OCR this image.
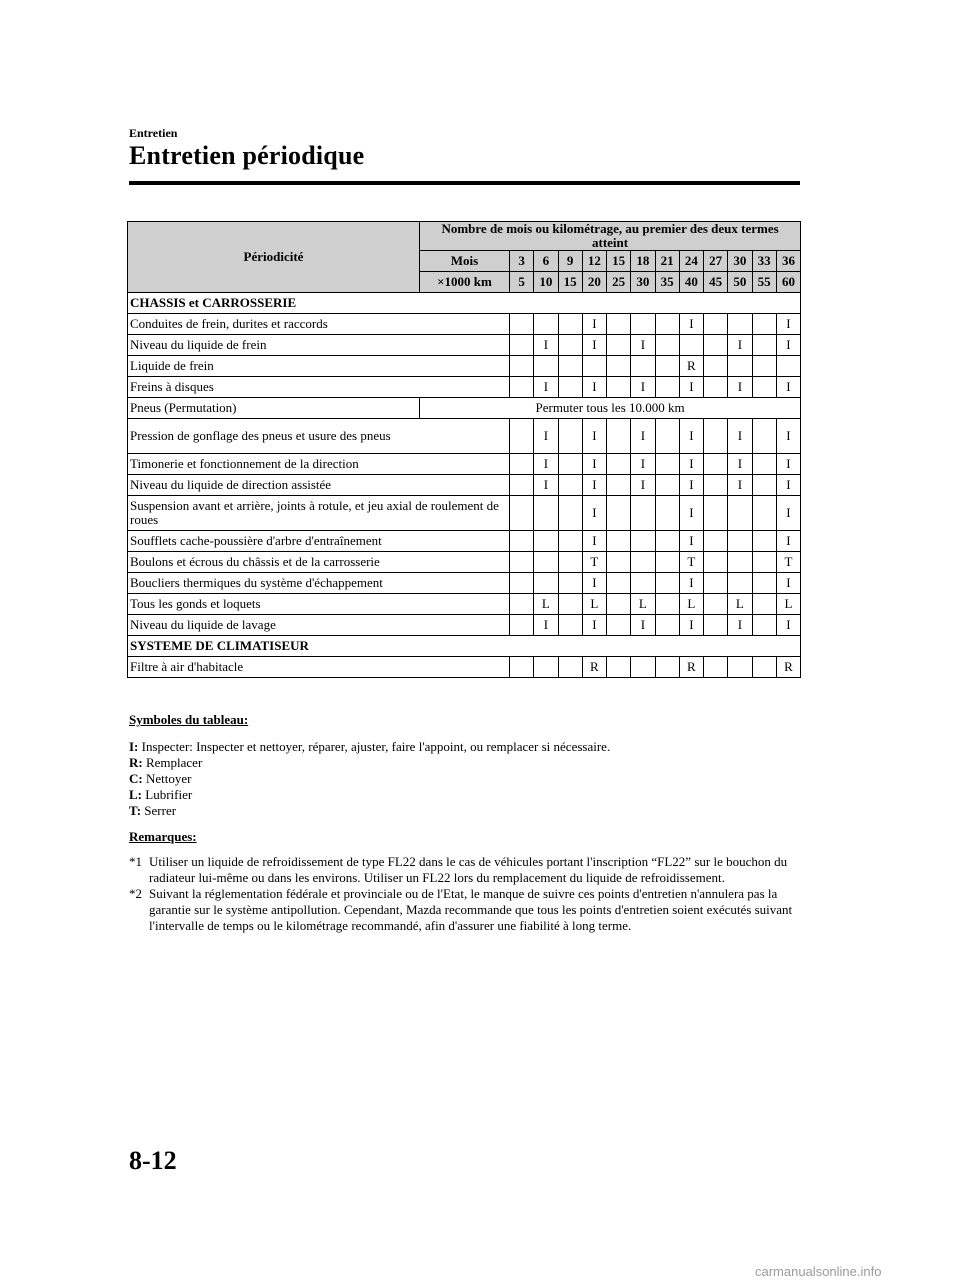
Entretien
Entretien périodique
Périodicité	Nombre de mois ou kilométrage, au premier des deux termes atteint												
	Mois	3	6	9	12	15	18	21	24	27	30	33	36
	×1000 km	5	10	15	20	25	30	35	40	45	50	55	60
CHASSIS et CARROSSERIE													
Conduites de frein, durites et raccords					I				I				I
Niveau du liquide de frein			I		I		I				I		I
Liquide de frein									R				
Freins à disques			I		I		I		I		I		I
Pneus (Permutation)	Permuter tous les 10.000 km												
Pression de gonflage des pneus et usure des pneus			I		I		I		I		I		I
Timonerie et fonctionnement de la direction			I		I		I		I		I		I
Niveau du liquide de direction assistée			I		I		I		I		I		I
Suspension avant et arrière, joints à rotule, et jeu axial de roulement de roues					I				I				I
Soufflets cache-poussière d'arbre d'entraînement					I				I				I
Boulons et écrous du châssis et de la carrosserie					T				T				T
Boucliers thermiques du système d'échappement					I				I				I
Tous les gonds et loquets			L		L		L		L		L		L
Niveau du liquide de lavage			I		I		I		I		I		I
SYSTEME DE CLIMATISEUR													
Filtre à air d'habitacle					R				R				R
Symboles du tableau:
I: Inspecter: Inspecter et nettoyer, réparer, ajuster, faire l'appoint, ou remplacer si nécessaire.
R: Remplacer
C: Nettoyer
L: Lubrifier
T: Serrer
Remarques:
*1 Utiliser un liquide de refroidissement de type FL22 dans le cas de véhicules portant l'inscription “FL22” sur le bouchon du radiateur lui-même ou dans les environs. Utiliser un FL22 lors du remplacement du liquide de refroidissement.
*2 Suivant la réglementation fédérale et provinciale ou de l'Etat, le manque de suivre ces points d'entretien n'annulera pas la garantie sur le système antipollution. Cependant, Mazda recommande que tous les points d'entretien soient exécutés suivant l'intervalle de temps ou le kilométrage recommandé, afin d'assurer une fiabilité à long terme.
8-12
carmanualsonline.info
